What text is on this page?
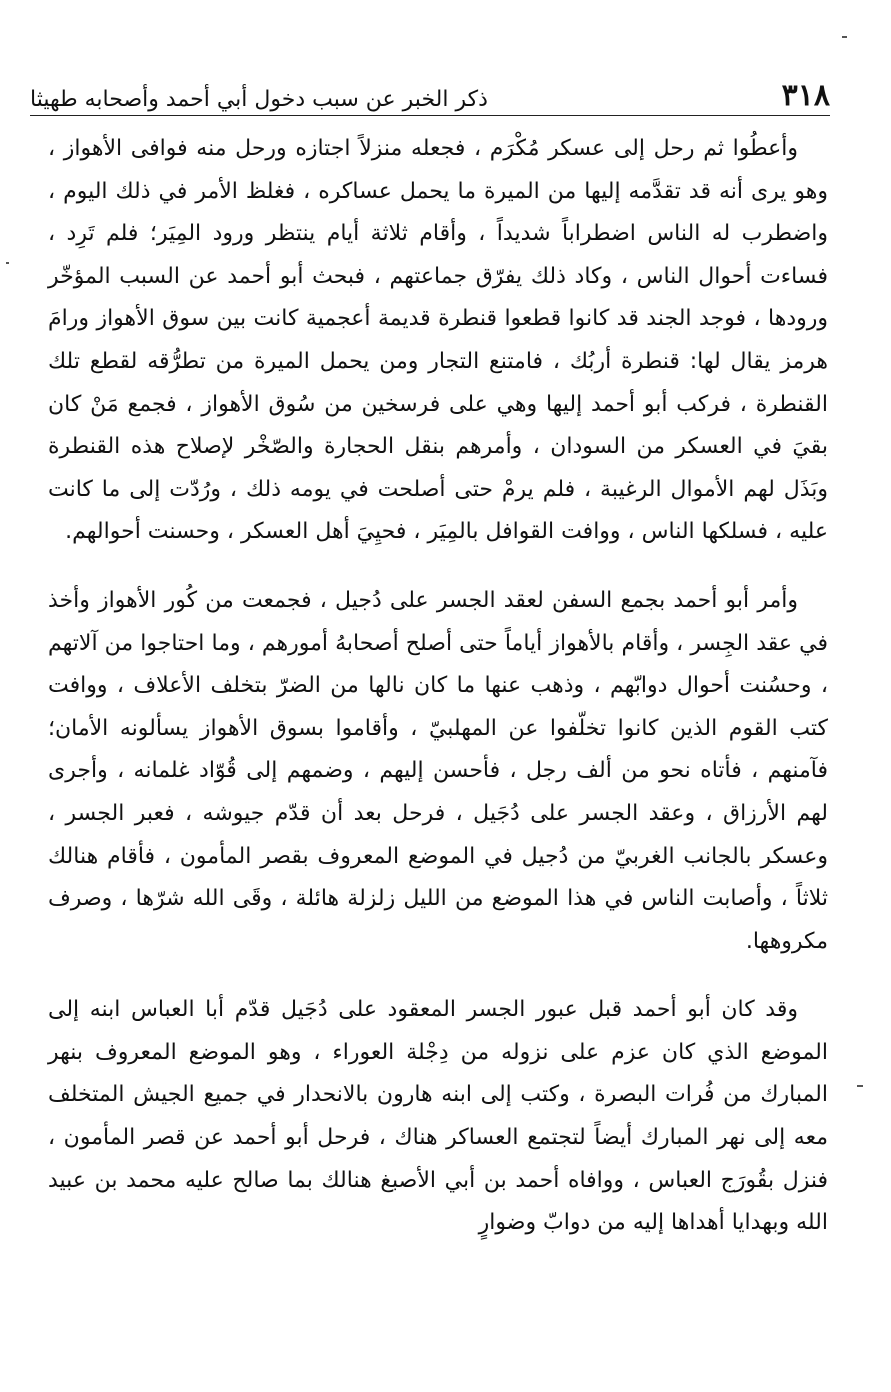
٣١٨
ذكر الخبر عن سبب دخول أبي أحمد وأصحابه طهيثا

وأعطُوا ثم رحل إلى عسكر مُكْرَم ، فجعله منزلاً اجتازه ورحل منه فوافى الأهواز ، وهو يرى أنه قد تقدَّمه إليها من الميرة ما يحمل عساكره ، فغلظ الأمر في ذلك اليوم ، واضطرب له الناس اضطراباً شديداً ، وأقام ثلاثة أيام ينتظر ورود المِيَر؛ فلم تَرِد ، فساءت أحوال الناس ، وكاد ذلك يفرّق جماعتهم ، فبحث أبو أحمد عن السبب المؤخّر ورودها ، فوجد الجند قد كانوا قطعوا قنطرة قديمة أعجمية كانت بين سوق الأهواز ورامَ هرمز يقال لها: قنطرة أربُك ، فامتنع التجار ومن يحمل الميرة من تطرُّقه لقطع تلك القنطرة ، فركب أبو أحمد إليها وهي على فرسخين من سُوق الأهواز ، فجمع مَنْ كان بقيَ في العسكر من السودان ، وأمرهم بنقل الحجارة والصّخْر لإصلاح هذه القنطرة وبَذَل لهم الأموال الرغيبة ، فلم يرمْ حتى أصلحت في يومه ذلك ، ورُدّت إلى ما كانت عليه ، فسلكها الناس ، ووافت القوافل بالمِيَر ، فحيِيَ أهل العسكر ، وحسنت أحوالهم.

وأمر أبو أحمد بجمع السفن لعقد الجسر على دُجيل ، فجمعت من كُور الأهواز وأخذ في عقد الجِسر ، وأقام بالأهواز أياماً حتى أصلح أصحابهُ أمورهم ، وما احتاجوا من آلاتهم ، وحسُنت أحوال دوابّهم ، وذهب عنها ما كان نالها من الضرّ بتخلف الأعلاف ، ووافت كتب القوم الذين كانوا تخلّفوا عن المهلبيّ ، وأقاموا بسوق الأهواز يسألونه الأمان؛ فآمنهم ، فأتاه نحو من ألف رجل ، فأحسن إليهم ، وضمهم إلى قُوّاد غلمانه ، وأجرى لهم الأرزاق ، وعقد الجسر على دُجَيل ، فرحل بعد أن قدّم جيوشه ، فعبر الجسر ، وعسكر بالجانب الغربيّ من دُجيل في الموضع المعروف بقصر المأمون ، فأقام هنالك ثلاثاً ، وأصابت الناس في هذا الموضع من الليل زلزلة هائلة ، وقَى الله شرّها ، وصرف مكروهها.

وقد كان أبو أحمد قبل عبور الجسر المعقود على دُجَيل قدّم أبا العباس ابنه إلى الموضع الذي كان عزم على نزوله من دِجْلة العوراء ، وهو الموضع المعروف بنهر المبارك من فُرات البصرة ، وكتب إلى ابنه هارون بالانحدار في جميع الجيش المتخلف معه إلى نهر المبارك أيضاً لتجتمع العساكر هناك ، فرحل أبو أحمد عن قصر المأمون ، فنزل بقُورَج العباس ، ووافاه أحمد بن أبي الأصبغ هنالك بما صالح عليه محمد بن عبيد الله وبهدايا أهداها إليه من دوابّ وضوارٍ
